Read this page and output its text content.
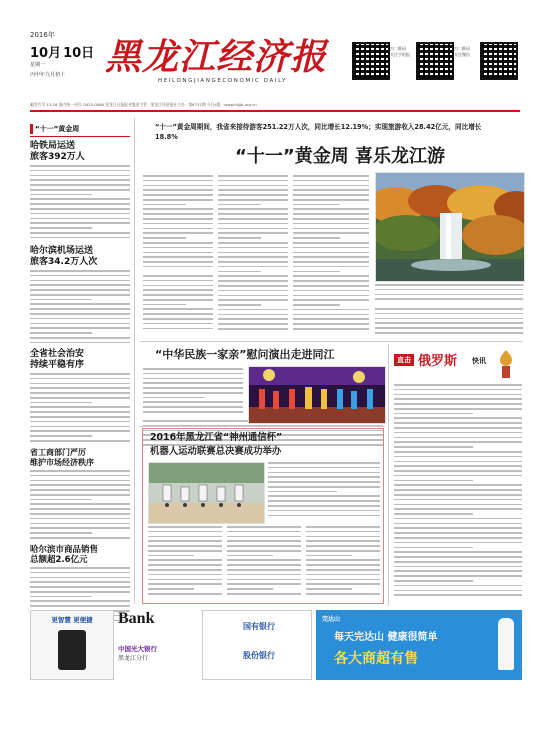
2016年
10月 10日
星期一
丙申年九月初十	黑龙江经济报
HEILONGJIANGECONOMIC DAILY
扫二维码
关注手机报
扫二维码
关注微信
邮发代号 13-16 国内统一刊号 CN23-0066 黑龙江日报报业集团主管 · 黑龙江经济报社主办 · 第6731期 今日4版 · www.hljjjb.org.cn
“十一”黄金周
哈铁局运送
旅客392万人
哈尔滨机场运送
旅客34.2万人次
全省社会治安
持续平稳有序
省工商部门严厉
维护市场经济秩序
哈尔滨市商品销售
总额超2.6亿元
“十一”黄金周期间，我省来接待游客251.22万人次，同比增长12.19%；实现旅游收入28.42亿元，同比增长18.8%
“十一”黄金周 喜乐龙江游
“中华民族一家亲”慰问演出走进同江
2016年黑龙江省“神州通信杯”
机器人运动联赛总决赛成功举办
直击 俄罗斯 快讯
更智慧 更便捷	Bank
中国光大银行
黑龙江分行
国有银行
股份银行
完达山
每天完达山 健康很简单
各大商超有售
